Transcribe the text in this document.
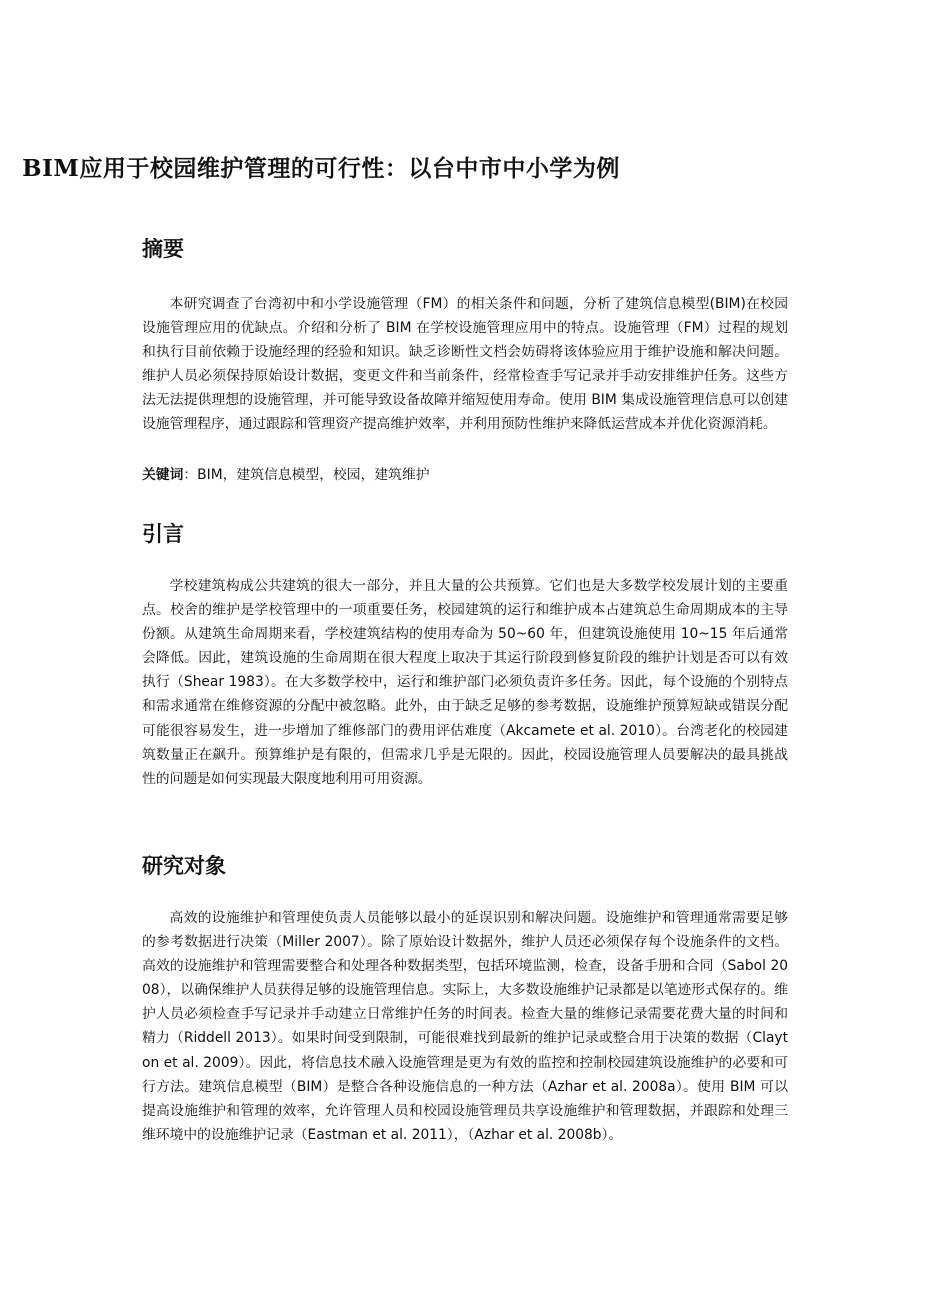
BIM应用于校园维护管理的可行性：以台中市中小学为例
摘要

本研究调查了台湾初中和小学设施管理（FM）的相关条件和问题，分析了建筑信息模型(BIM)在校园设施管理应用的优缺点。介绍和分析了 BIM 在学校设施管理应用中的特点。设施管理（FM）过程的规划和执行目前依赖于设施经理的经验和知识。缺乏诊断性文档会妨碍将该体验应用于维护设施和解决问题。维护人员必须保持原始设计数据，变更文件和当前条件，经常检查手写记录并手动安排维护任务。这些方法无法提供理想的设施管理，并可能导致设备故障并缩短使用寿命。使用 BIM 集成设施管理信息可以创建设施管理程序，通过跟踪和管理资产提高维护效率，并利用预防性维护来降低运营成本并优化资源消耗。

关键词：BIM，建筑信息模型，校园，建筑维护

引言

学校建筑构成公共建筑的很大一部分，并且大量的公共预算。它们也是大多数学校发展计划的主要重点。校舍的维护是学校管理中的一项重要任务，校园建筑的运行和维护成本占建筑总生命周期成本的主导份额。从建筑生命周期来看，学校建筑结构的使用寿命为 50~60 年，但建筑设施使用 10~15 年后通常会降低。因此，建筑设施的生命周期在很大程度上取决于其运行阶段到修复阶段的维护计划是否可以有效执行（Shear 1983）。在大多数学校中，运行和维护部门必须负责许多任务。因此，每个设施的个别特点和需求通常在维修资源的分配中被忽略。此外，由于缺乏足够的参考数据，设施维护预算短缺或错误分配可能很容易发生，进一步增加了维修部门的费用评估难度（Akcamete et al. 2010）。台湾老化的校园建筑数量正在飙升。预算维护是有限的，但需求几乎是无限的。因此，校园设施管理人员要解决的最具挑战性的问题是如何实现最大限度地利用可用资源。

研究对象

高效的设施维护和管理使负责人员能够以最小的延误识别和解决问题。设施维护和管理通常需要足够的参考数据进行决策（Miller 2007）。除了原始设计数据外，维护人员还必须保存每个设施条件的文档。高效的设施维护和管理需要整合和处理各种数据类型，包括环境监测，检查，设备手册和合同（Sabol 2008），以确保维护人员获得足够的设施管理信息。实际上，大多数设施维护记录都是以笔迹形式保存的。维护人员必须检查手写记录并手动建立日常维护任务的时间表。检查大量的维修记录需要花费大量的时间和精力（Riddell 2013）。如果时间受到限制，可能很难找到最新的维护记录或整合用于决策的数据（Clayton et al. 2009）。因此，将信息技术融入设施管理是更为有效的监控和控制校园建筑设施维护的必要和可行方法。建筑信息模型（BIM）是整合各种设施信息的一种方法（Azhar et al. 2008a）。使用 BIM 可以提高设施维护和管理的效率，允许管理人员和校园设施管理员共享设施维护和管理数据，并跟踪和处理三维环境中的设施维护记录（Eastman et al. 2011），（Azhar et al. 2008b）。
